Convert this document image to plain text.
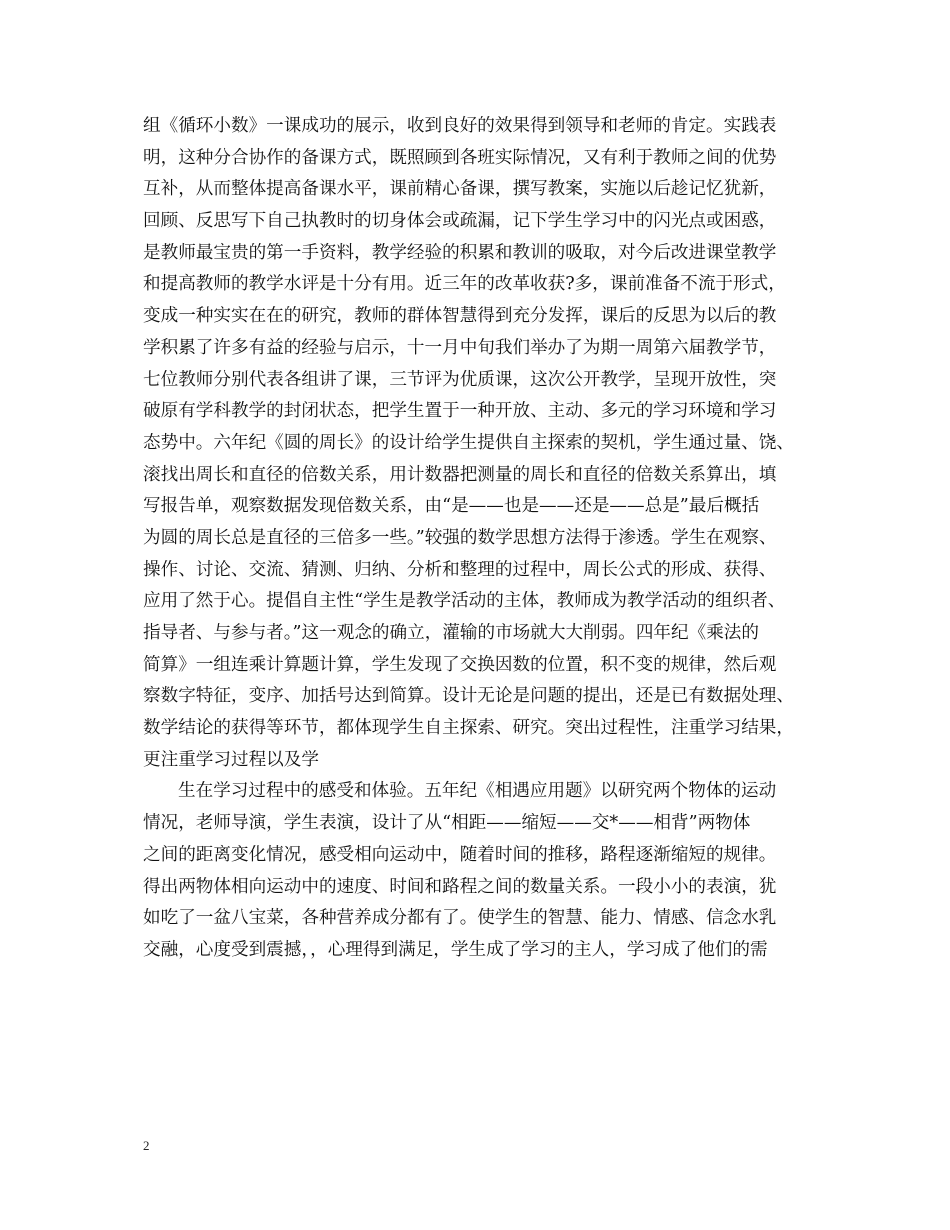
组《循环小数》一课成功的展示，收到良好的效果得到领导和老师的肯定。实践表
明，这种分合协作的备课方式，既照顾到各班实际情况，又有利于教师之间的优势
互补，从而整体提高备课水平，课前精心备课，撰写教案，实施以后趁记忆犹新，
回顾、反思写下自己执教时的切身体会或疏漏，记下学生学习中的闪光点或困惑，
是教师最宝贵的第一手资料，教学经验的积累和教训的吸取，对今后改进课堂教学
和提高教师的教学水评是十分有用。近三年的改革收获?多，课前准备不流于形式，
变成一种实实在在的研究，教师的群体智慧得到充分发挥，课后的反思为以后的教
学积累了许多有益的经验与启示，十一月中旬我们举办了为期一周第六届教学节，
七位教师分别代表各组讲了课，三节评为优质课，这次公开教学，呈现开放性，突
破原有学科教学的封闭状态，把学生置于一种开放、主动、多元的学习环境和学习
态势中。六年纪《圆的周长》的设计给学生提供自主探索的契机，学生通过量、饶、
滚找出周长和直径的倍数关系，用计数器把测量的周长和直径的倍数关系算出，填
写报告单，观察数据发现倍数关系，由“是——也是——还是——总是”最后概括
为圆的周长总是直径的三倍多一些。”较强的数学思想方法得于渗透。学生在观察、
操作、讨论、交流、猜测、归纳、分析和整理的过程中，周长公式的形成、获得、
应用了然于心。提倡自主性“学生是教学活动的主体，教师成为教学活动的组织者、
指导者、与参与者。”这一观念的确立，灌输的市场就大大削弱。四年纪《乘法的
简算》一组连乘计算题计算，学生发现了交换因数的位置，积不变的规律，然后观
察数字特征，变序、加括号达到简算。设计无论是问题的提出，还是已有数据处理、
数学结论的获得等环节，都体现学生自主探索、研究。突出过程性，注重学习结果，
更注重学习过程以及学
生在学习过程中的感受和体验。五年纪《相遇应用题》以研究两个物体的运动
情况，老师导演，学生表演，设计了从“相距——缩短——交*——相背”两物体
之间的距离变化情况，感受相向运动中，随着时间的推移，路程逐渐缩短的规律。
得出两物体相向运动中的速度、时间和路程之间的数量关系。一段小小的表演，犹
如吃了一盆八宝菜，各种营养成分都有了。使学生的智慧、能力、情感、信念水乳
交融，心度受到震撼，，心理得到满足，学生成了学习的主人，学习成了他们的需
2
